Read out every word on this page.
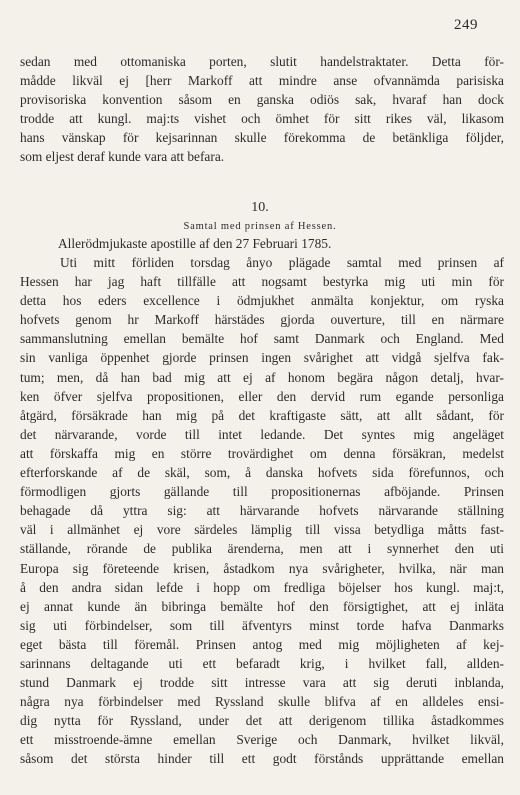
249
sedan med ottomaniska porten, slutit handelstraktater. Detta för-
mådde likväl ej [herr Markoff att mindre anse ofvannämda parisiska
provisoriska konvention såsom en ganska odiös sak, hvaraf han dock
trodde att kungl. maj:ts vishet och ömhet för sitt rikes väl, likasom
hans vänskap för kejsarinnan skulle förekomma de betänkliga följder,
som eljest deraf kunde vara att befara.
10.
Samtal med prinsen af Hessen.
Allerödmjukaste apostille af den 27 Februari 1785.
Uti mitt förliden torsdag ånyo plägade samtal med prinsen af
Hessen har jag haft tillfälle att nogsamt bestyrka mig uti min för
detta hos eders excellence i ödmjukhet anmälta konjektur, om ryska
hofvets genom hr Markoff härstädes gjorda ouverture, till en närmare
sammanslutning emellan bemälte hof samt Danmark och England. Med
sin vanliga öppenhet gjorde prinsen ingen svårighet att vidgå sjelfva fak-
tum; men, då han bad mig att ej af honom begära någon detalj, hvar-
ken öfver sjelfva propositionen, eller den dervid rum egande personliga
åtgärd, försäkrade han mig på det kraftigaste sätt, att allt sådant, för
det närvarande, vorde till intet ledande. Det syntes mig angeläget
att förskaffa mig en större trovärdighet om denna försäkran, medelst
efterforskande af de skäl, som, å danska hofvets sida förefunnos, och
förmodligen gjorts gällande till propositionernas afböjande. Prinsen
behagade då yttra sig: att härvarande hofvets närvarande ställning
väl i allmänhet ej vore särdeles lämplig till vissa betydliga måtts fast-
ställande, rörande de publika ärenderna, men att i synnerhet den uti
Europa sig företeende krisen, åstadkom nya svårigheter, hvilka, när man
å den andra sidan lefde i hopp om fredliga böjelser hos kungl. maj:t,
ej annat kunde än bibringa bemälte hof den försigtighet, att ej inläta
sig uti förbindelser, som till äfventyrs minst torde hafva Danmarks
eget bästa till föremål. Prinsen antog med mig möjligheten af kej-
sarinnans deltagande uti ett befaradt krig, i hvilket fall, allden-
stund Danmark ej trodde sitt intresse vara att sig deruti inblanda,
några nya förbindelser med Ryssland skulle blifva af en alldeles ensi-
dig nytta för Ryssland, under det att derigenom tillika åstadkommes
ett misstroende-ämne emellan Sverige och Danmark, hvilket likväl,
såsom det största hinder till ett godt förstånds upprättande emellan
